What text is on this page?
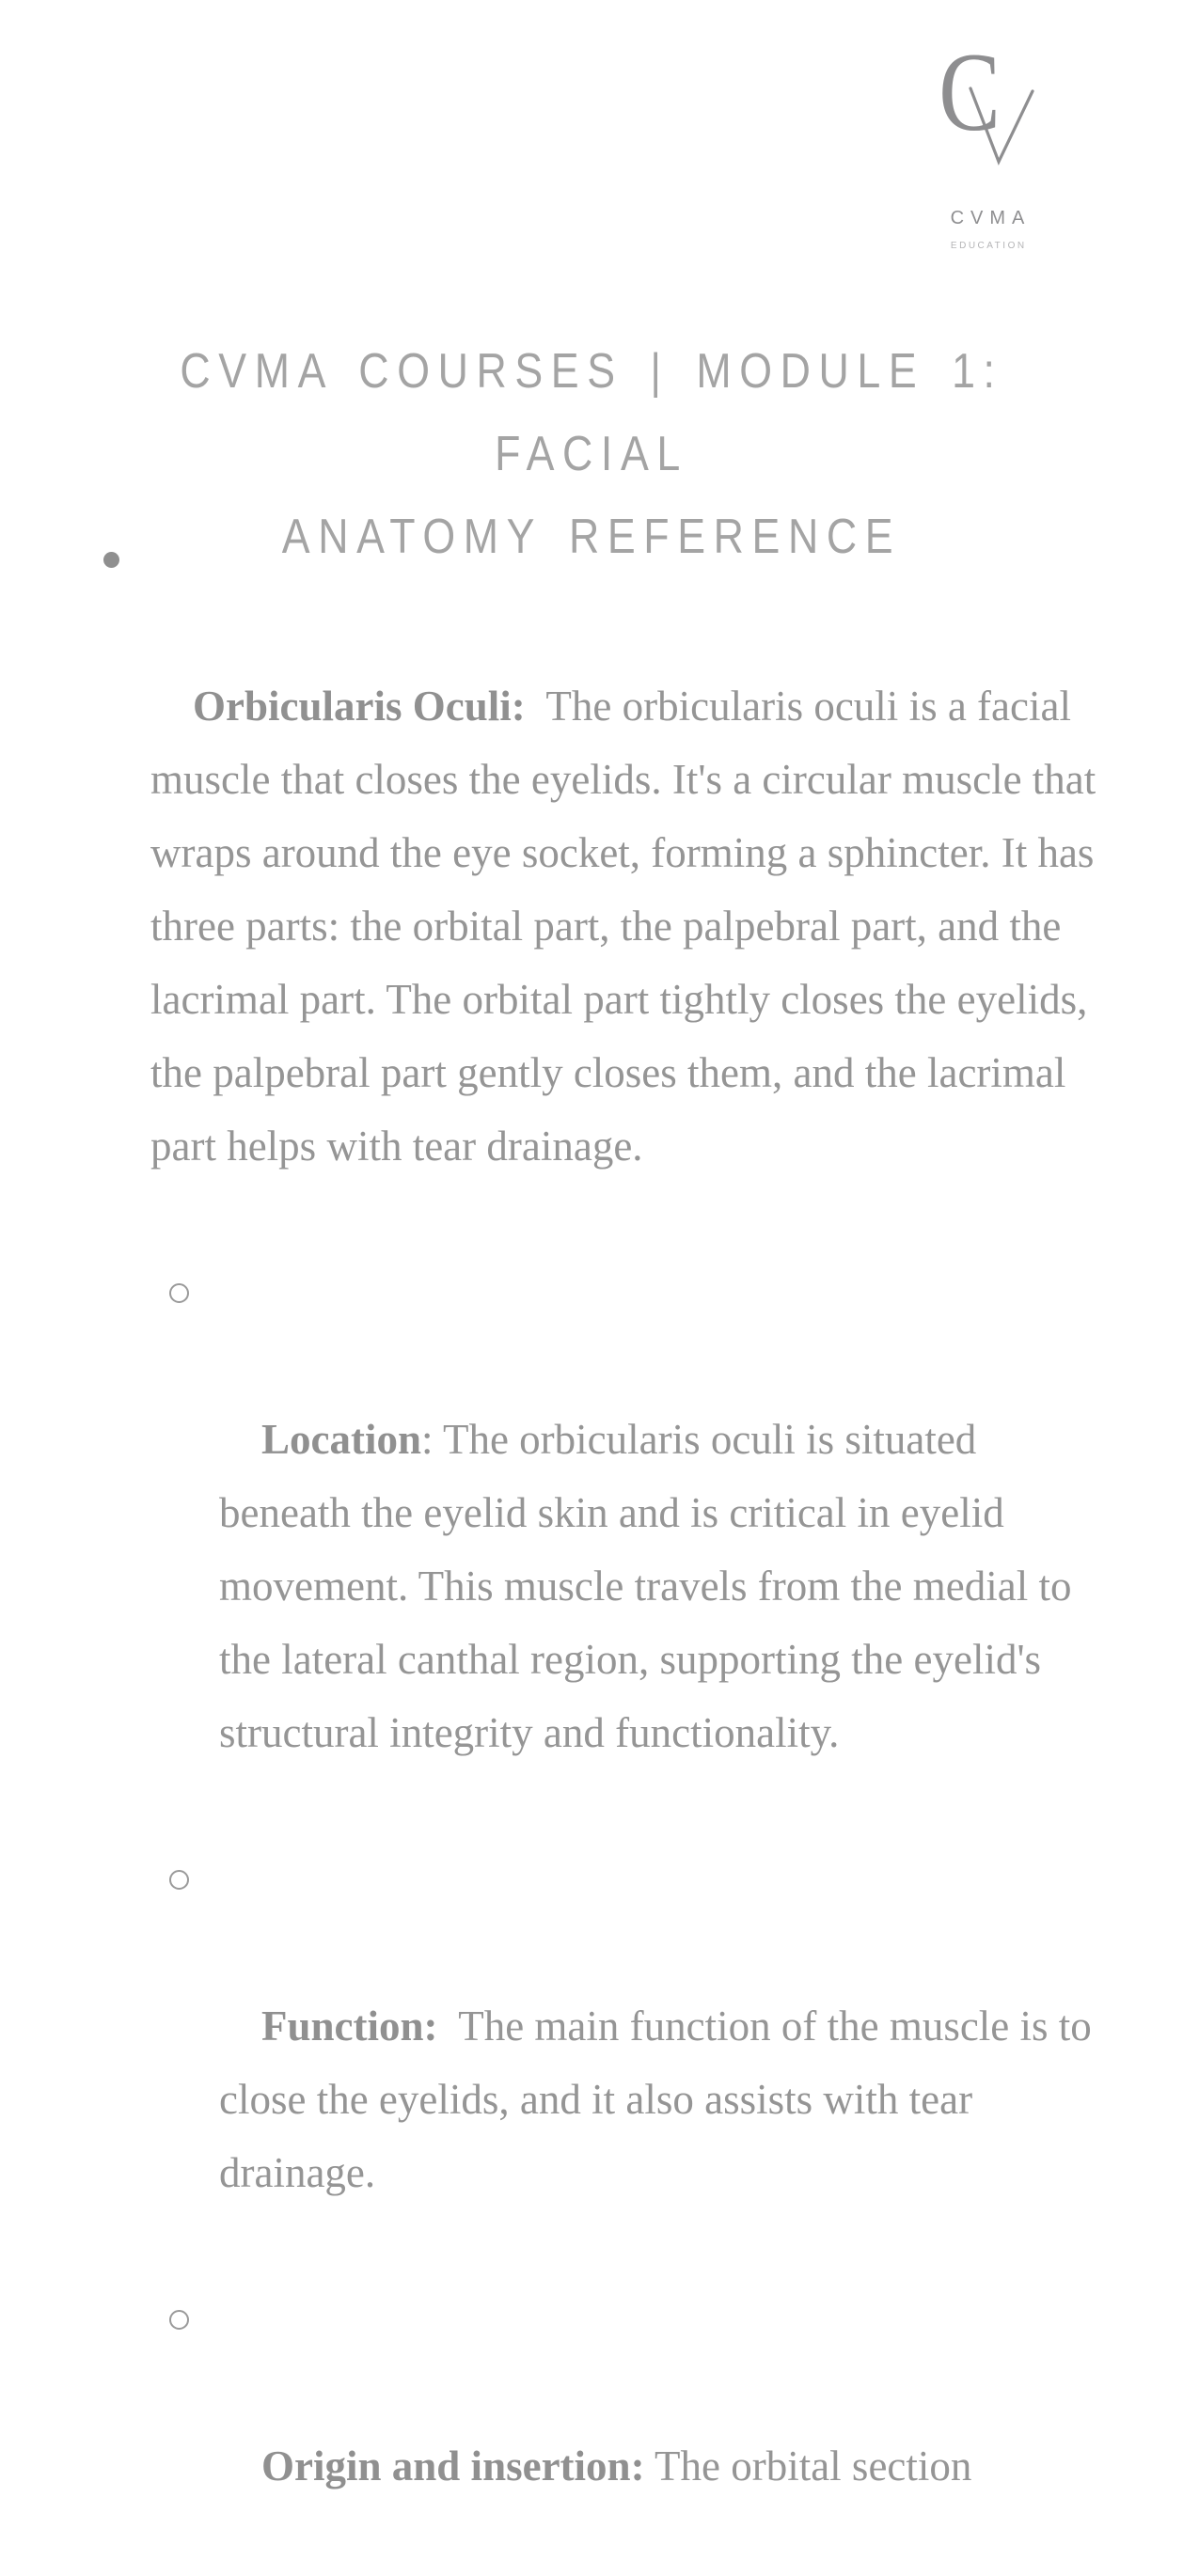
C
CVMA
EDUCATION
CVMA COURSES | MODULE 1: FACIAL
ANATOMY REFERENCE

Orbicularis Oculi:  The orbicularis oculi is a facial muscle that closes the eyelids. It's a circular muscle that wraps around the eye socket, forming a sphincter. It has three parts: the orbital part, the palpebral part, and the lacrimal part. The orbital part tightly closes the eyelids, the palpebral part gently closes them, and the lacrimal part helps with tear drainage.

Location: The orbicularis oculi is situated beneath the eyelid skin and is critical in eyelid movement. This muscle travels from the medial to the lateral canthal region, supporting the eyelid's structural integrity and functionality.

Function:  The main function of the muscle is to close the eyelids, and it also assists with tear drainage.

Origin and insertion: The orbital section
